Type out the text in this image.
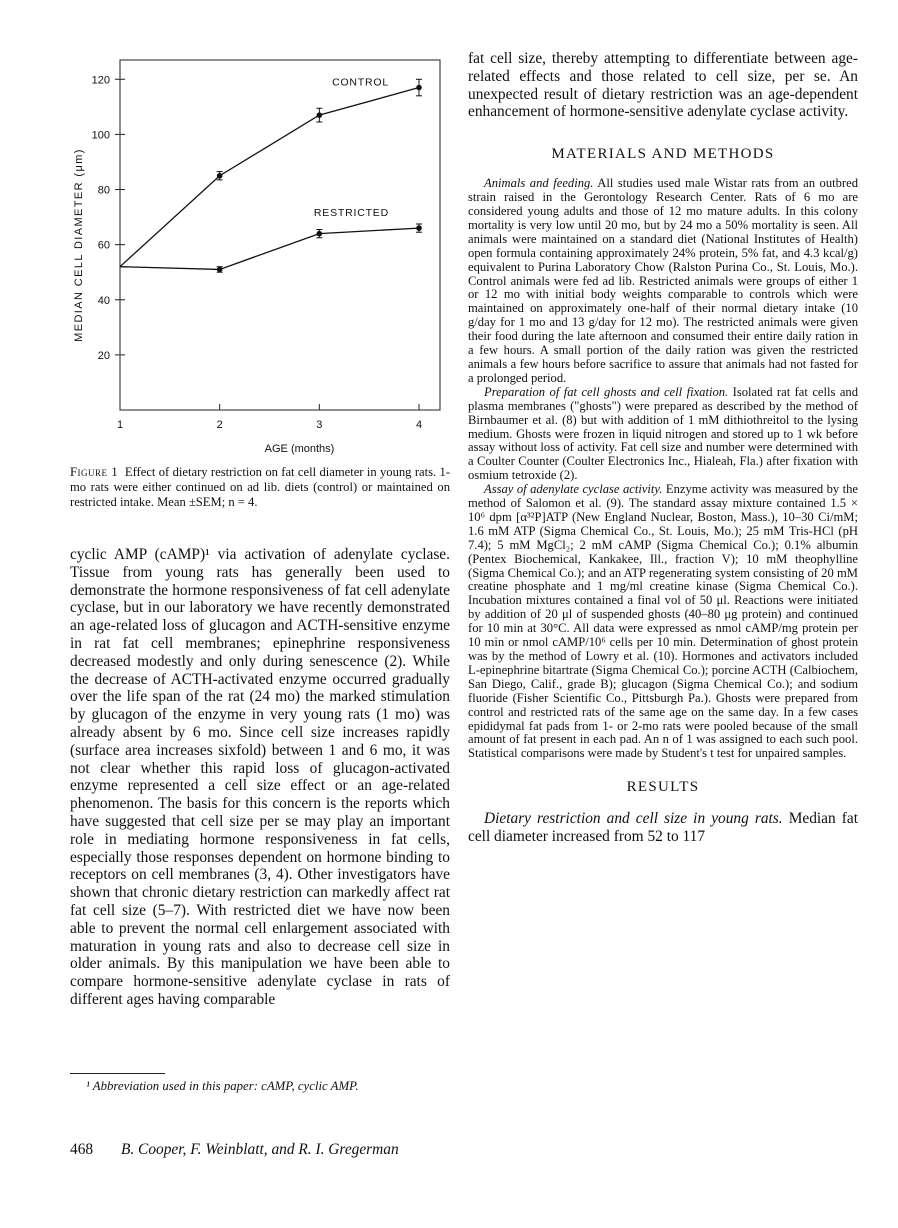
20
40
60
80
100
120
1	2	3	4
AGE (months)
MEDIAN CELL DIAMETER (μm)
CONTROL
RESTRICTED
Figure 1 Effect of dietary restriction on fat cell diameter in young rats. 1-mo rats were either continued on ad lib. diets (control) or maintained on restricted intake. Mean ±SEM; n = 4.

cyclic AMP (cAMP)¹ via activation of adenylate cyclase. Tissue from young rats has generally been used to demonstrate the hormone responsiveness of fat cell adenylate cyclase, but in our laboratory we have recently demonstrated an age-related loss of glucagon and ACTH-sensitive enzyme in rat fat cell membranes; epinephrine responsiveness decreased modestly and only during senescence (2). While the decrease of ACTH-activated enzyme occurred gradually over the life span of the rat (24 mo) the marked stimulation by glucagon of the enzyme in very young rats (1 mo) was already absent by 6 mo. Since cell size increases rapidly (surface area increases sixfold) between 1 and 6 mo, it was not clear whether this rapid loss of glucagon-activated enzyme represented a cell size effect or an age-related phenomenon. The basis for this concern is the reports which have suggested that cell size per se may play an important role in mediating hormone responsiveness in fat cells, especially those responses dependent on hormone binding to receptors on cell membranes (3, 4). Other investigators have shown that chronic dietary restriction can markedly affect rat fat cell size (5–7). With restricted diet we have now been able to prevent the normal cell enlargement associated with maturation in young rats and also to decrease cell size in older animals. By this manipulation we have been able to compare hormone-sensitive adenylate cyclase in rats of different ages having comparable

¹ Abbreviation used in this paper: cAMP, cyclic AMP.
468 B. Cooper, F. Weinblatt, and R. I. Gregerman

fat cell size, thereby attempting to differentiate between age-related effects and those related to cell size, per se. An unexpected result of dietary restriction was an age-dependent enhancement of hormone-sensitive adenylate cyclase activity.

MATERIALS AND METHODS

Animals and feeding. All studies used male Wistar rats from an outbred strain raised in the Gerontology Research Center. Rats of 6 mo are considered young adults and those of 12 mo mature adults. In this colony mortality is very low until 20 mo, but by 24 mo a 50% mortality is seen. All animals were maintained on a standard diet (National Institutes of Health) open formula containing approximately 24% protein, 5% fat, and 4.3 kcal/g) equivalent to Purina Laboratory Chow (Ralston Purina Co., St. Louis, Mo.). Control animals were fed ad lib. Restricted animals were groups of either 1 or 12 mo with initial body weights comparable to controls which were maintained on approximately one-half of their normal dietary intake (10 g/day for 1 mo and 13 g/day for 12 mo). The restricted animals were given their food during the late afternoon and consumed their entire daily ration in a few hours. A small portion of the daily ration was given the restricted animals a few hours before sacrifice to assure that animals had not fasted for a prolonged period.

Preparation of fat cell ghosts and cell fixation. Isolated rat fat cells and plasma membranes ("ghosts") were prepared as described by the method of Birnbaumer et al. (8) but with addition of 1 mM dithiothreitol to the lysing medium. Ghosts were frozen in liquid nitrogen and stored up to 1 wk before assay without loss of activity. Fat cell size and number were determined with a Coulter Counter (Coulter Electronics Inc., Hialeah, Fla.) after fixation with osmium tetroxide (2).

Assay of adenylate cyclase activity. Enzyme activity was measured by the method of Salomon et al. (9). The standard assay mixture contained 1.5 × 10⁶ dpm [α³²P]ATP (New England Nuclear, Boston, Mass.), 10–30 Ci/mM; 1.6 mM ATP (Sigma Chemical Co., St. Louis, Mo.); 25 mM Tris-HCl (pH 7.4); 5 mM MgCl₂; 2 mM cAMP (Sigma Chemical Co.); 0.1% albumin (Pentex Biochemical, Kankakee, Ill., fraction V); 10 mM theophylline (Sigma Chemical Co.); and an ATP regenerating system consisting of 20 mM creatine phosphate and 1 mg/ml creatine kinase (Sigma Chemical Co.). Incubation mixtures contained a final vol of 50 μl. Reactions were initiated by addition of 20 μl of suspended ghosts (40–80 μg protein) and continued for 10 min at 30°C. All data were expressed as nmol cAMP/mg protein per 10 min or nmol cAMP/10⁶ cells per 10 min. Determination of ghost protein was by the method of Lowry et al. (10). Hormones and activators included L-epinephrine bitartrate (Sigma Chemical Co.); porcine ACTH (Calbiochem, San Diego, Calif., grade B); glucagon (Sigma Chemical Co.); and sodium fluoride (Fisher Scientific Co., Pittsburgh Pa.). Ghosts were prepared from control and restricted rats of the same age on the same day. In a few cases epididymal fat pads from 1- or 2-mo rats were pooled because of the small amount of fat present in each pad. An n of 1 was assigned to each such pool. Statistical comparisons were made by Student's t test for unpaired samples.

RESULTS

Dietary restriction and cell size in young rats. Median fat cell diameter increased from 52 to 117
